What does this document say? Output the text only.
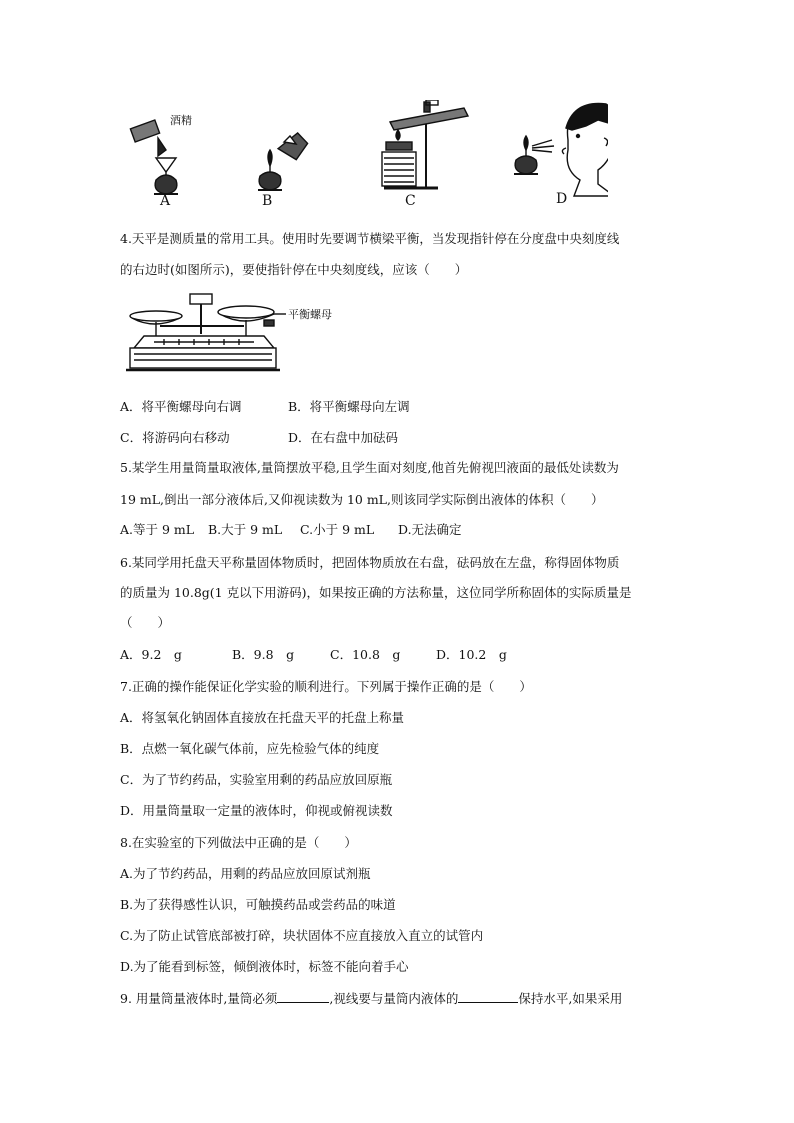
酒精
A	B	C	D
4.天平是测质量的常用工具。使用时先要调节横梁平衡，当发现指针停在分度盘中央刻度线
的右边时(如图所示)，要使指针停在中央刻度线，应该（　　）
平衡螺母
A．将平衡螺母向右调	B．将平衡螺母向左调
C．将游码向右移动	D．在右盘中加砝码
5.某学生用量筒量取液体,量筒摆放平稳,且学生面对刻度,他首先俯视凹液面的最低处读数为
19 mL,倒出一部分液体后,又仰视读数为 10 mL,则该同学实际倒出液体的体积（　　）
A.等于 9 mL B.大于 9 mL C.小于 9 mL D.无法确定
6.某同学用托盘天平称量固体物质时，把固体物质放在右盘，砝码放在左盘，称得固体物质
的质量为 10.8g(1 克以下用游码)，如果按正确的方法称量，这位同学所称固体的实际质量是
（　　）
A．9.2　g	B．9.8　g	C．10.8　g	D．10.2　g
7.正确的操作能保证化学实验的顺利进行。下列属于操作正确的是（　　）
A．将氢氧化钠固体直接放在托盘天平的托盘上称量
B．点燃一氧化碳气体前，应先检验气体的纯度
C．为了节约药品，实验室用剩的药品应放回原瓶
D．用量筒量取一定量的液体时，仰视或俯视读数
8.在实验室的下列做法中正确的是（　　）
A.为了节约药品，用剩的药品应放回原试剂瓶
B.为了获得感性认识，可触摸药品或尝药品的味道
C.为了防止试管底部被打碎，块状固体不应直接放入直立的试管内
D.为了能看到标签，倾倒液体时，标签不能向着手心
9. 用量筒量液体时,量筒必须	,视线要与量筒内液体的	保持水平,如果采用
